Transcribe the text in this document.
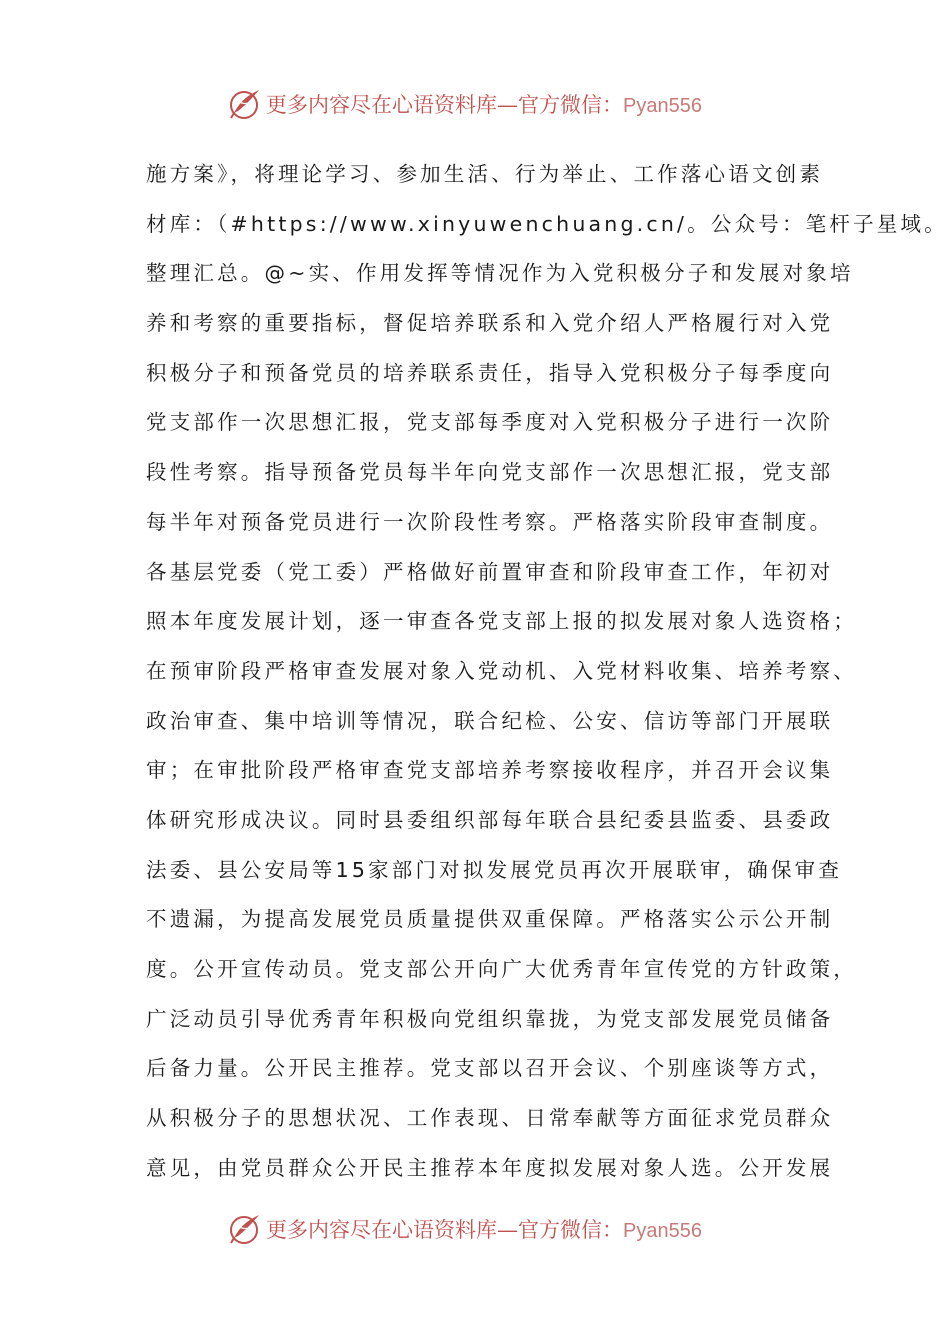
更多内容尽在心语资料库—官方微信：Pyan556
施方案》，将理论学习、参加生活、行为举止、工作落心语文创素
材库：（#https://www.xinyuwenchuang.cn/。公众号：笔杆子星域。
整理汇总。@~实、作用发挥等情况作为入党积极分子和发展对象培
养和考察的重要指标，督促培养联系和入党介绍人严格履行对入党
积极分子和预备党员的培养联系责任，指导入党积极分子每季度向
党支部作一次思想汇报，党支部每季度对入党积极分子进行一次阶
段性考察。指导预备党员每半年向党支部作一次思想汇报，党支部
每半年对预备党员进行一次阶段性考察。严格落实阶段审查制度。
各基层党委（党工委）严格做好前置审查和阶段审查工作，年初对
照本年度发展计划，逐一审查各党支部上报的拟发展对象人选资格；
在预审阶段严格审查发展对象入党动机、入党材料收集、培养考察、
政治审查、集中培训等情况，联合纪检、公安、信访等部门开展联
审；在审批阶段严格审查党支部培养考察接收程序，并召开会议集
体研究形成决议。同时县委组织部每年联合县纪委县监委、县委政
法委、县公安局等15家部门对拟发展党员再次开展联审，确保审查
不遗漏，为提高发展党员质量提供双重保障。严格落实公示公开制
度。公开宣传动员。党支部公开向广大优秀青年宣传党的方针政策，
广泛动员引导优秀青年积极向党组织靠拢，为党支部发展党员储备
后备力量。公开民主推荐。党支部以召开会议、个别座谈等方式，
从积极分子的思想状况、工作表现、日常奉献等方面征求党员群众
意见，由党员群众公开民主推荐本年度拟发展对象人选。公开发展
更多内容尽在心语资料库—官方微信：Pyan556
